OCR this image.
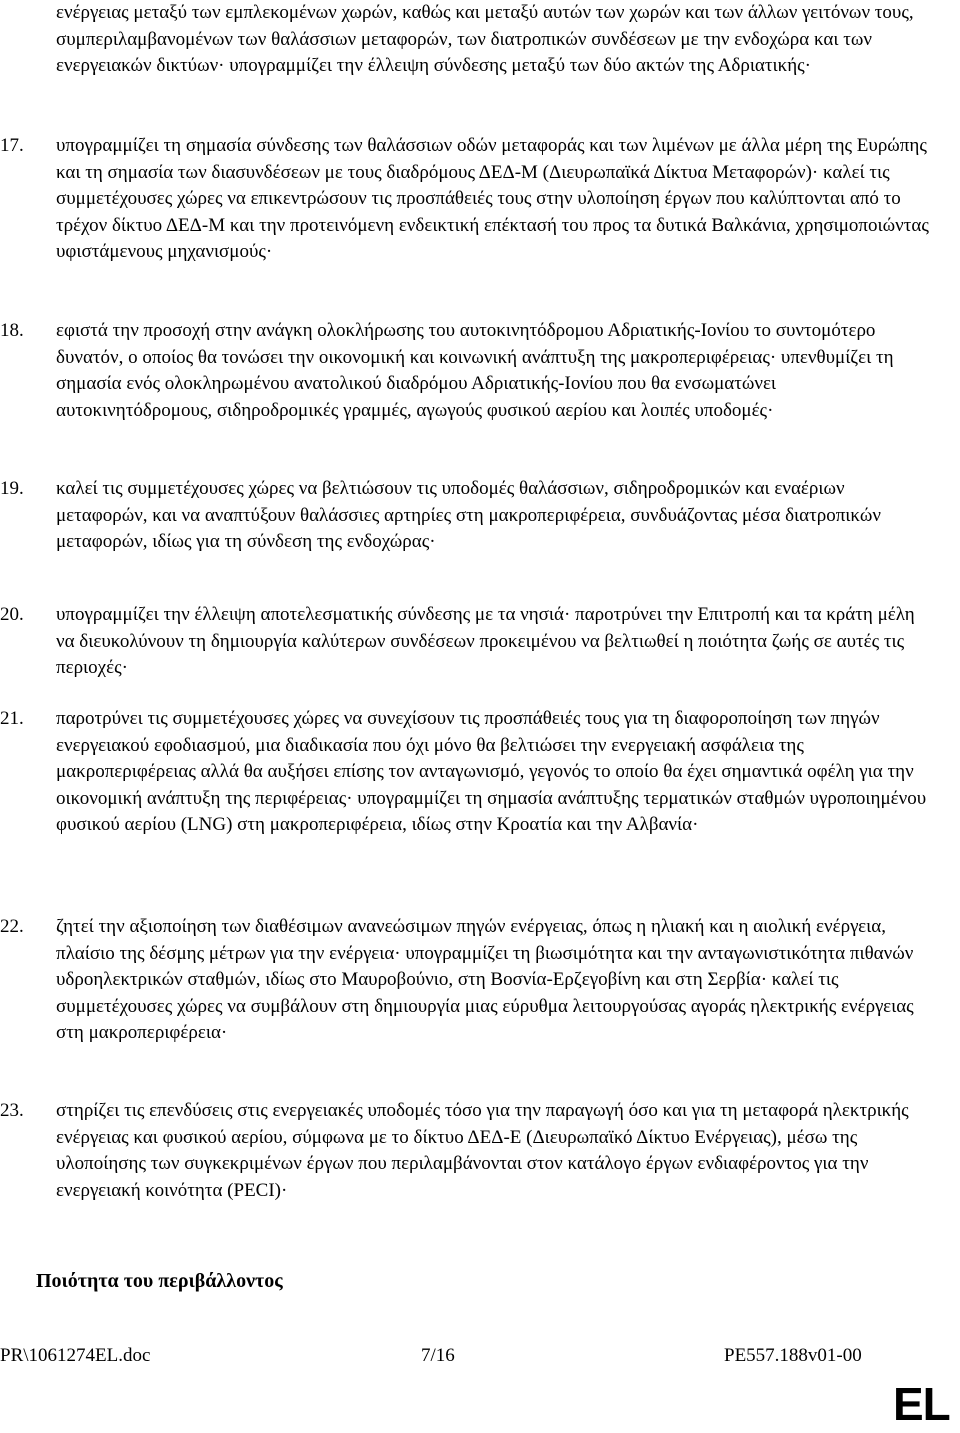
ενέργειας μεταξύ των εμπλεκομένων χωρών, καθώς και μεταξύ αυτών των χωρών και των άλλων γειτόνων τους, συμπεριλαμβανομένων των θαλάσσιων μεταφορών, των διατροπικών συνδέσεων με την ενδοχώρα και των ενεργειακών δικτύων· υπογραμμίζει την έλλειψη σύνδεσης μεταξύ των δύο ακτών της Αδριατικής·

17.	υπογραμμίζει τη σημασία σύνδεσης των θαλάσσιων οδών μεταφοράς και των λιμένων με άλλα μέρη της Ευρώπης και τη σημασία των διασυνδέσεων με τους διαδρόμους ΔΕΔ-Μ (Διευρωπαϊκά Δίκτυα Μεταφορών)· καλεί τις συμμετέχουσες χώρες να επικεντρώσουν τις προσπάθειές τους στην υλοποίηση έργων που καλύπτονται από το τρέχον δίκτυο ΔΕΔ-Μ και την προτεινόμενη ενδεικτική επέκτασή του προς τα δυτικά Βαλκάνια, χρησιμοποιώντας υφιστάμενους μηχανισμούς·

18.	εφιστά την προσοχή στην ανάγκη ολοκλήρωσης του αυτοκινητόδρομου Αδριατικής-Ιονίου το συντομότερο δυνατόν, ο οποίος θα τονώσει την οικονομική και κοινωνική ανάπτυξη της μακροπεριφέρειας· υπενθυμίζει τη σημασία ενός ολοκληρωμένου ανατολικού διαδρόμου Αδριατικής-Ιονίου που θα ενσωματώνει αυτοκινητόδρομους, σιδηροδρομικές γραμμές, αγωγούς φυσικού αερίου και λοιπές υποδομές·

19.	καλεί τις συμμετέχουσες χώρες να βελτιώσουν τις υποδομές θαλάσσιων, σιδηροδρομικών και εναέριων μεταφορών, και να αναπτύξουν θαλάσσιες αρτηρίες στη μακροπεριφέρεια, συνδυάζοντας μέσα διατροπικών μεταφορών, ιδίως για τη σύνδεση της ενδοχώρας·

20.	υπογραμμίζει την έλλειψη αποτελεσματικής σύνδεσης με τα νησιά· παροτρύνει την Επιτροπή και τα κράτη μέλη να διευκολύνουν τη δημιουργία καλύτερων συνδέσεων προκειμένου να βελτιωθεί η ποιότητα ζωής σε αυτές τις περιοχές·

21.	παροτρύνει τις συμμετέχουσες χώρες να συνεχίσουν τις προσπάθειές τους για τη διαφοροποίηση των πηγών ενεργειακού εφοδιασμού, μια διαδικασία που όχι μόνο θα βελτιώσει την ενεργειακή ασφάλεια της μακροπεριφέρειας αλλά θα αυξήσει επίσης τον ανταγωνισμό, γεγονός το οποίο θα έχει σημαντικά οφέλη για την οικονομική ανάπτυξη της περιφέρειας· υπογραμμίζει τη σημασία ανάπτυξης τερματικών σταθμών υγροποιημένου φυσικού αερίου (LNG) στη μακροπεριφέρεια, ιδίως στην Κροατία και την Αλβανία·

22.	ζητεί την αξιοποίηση των διαθέσιμων ανανεώσιμων πηγών ενέργειας, όπως η ηλιακή και η αιολική ενέργεια, πλαίσιο της δέσμης μέτρων για την ενέργεια· υπογραμμίζει τη βιωσιμότητα και την ανταγωνιστικότητα πιθανών υδροηλεκτρικών σταθμών, ιδίως στο Μαυροβούνιο, στη Βοσνία-Ερζεγοβίνη και στη Σερβία· καλεί τις συμμετέχουσες χώρες να συμβάλουν στη δημιουργία μιας εύρυθμα λειτουργούσας αγοράς ηλεκτρικής ενέργειας στη μακροπεριφέρεια·

23.	στηρίζει τις επενδύσεις στις ενεργειακές υποδομές τόσο για την παραγωγή όσο και για τη μεταφορά ηλεκτρικής ενέργειας και φυσικού αερίου, σύμφωνα με το δίκτυο ΔΕΔ-Ε (Διευρωπαϊκό Δίκτυο Ενέργειας), μέσω της υλοποίησης των συγκεκριμένων έργων που περιλαμβάνονται στον κατάλογο έργων ενδιαφέροντος για την ενεργειακή κοινότητα (PECI)·

Ποιότητα του περιβάλλοντος
PR\1061274EL.doc	7/16	PE557.188v01-00
EL
